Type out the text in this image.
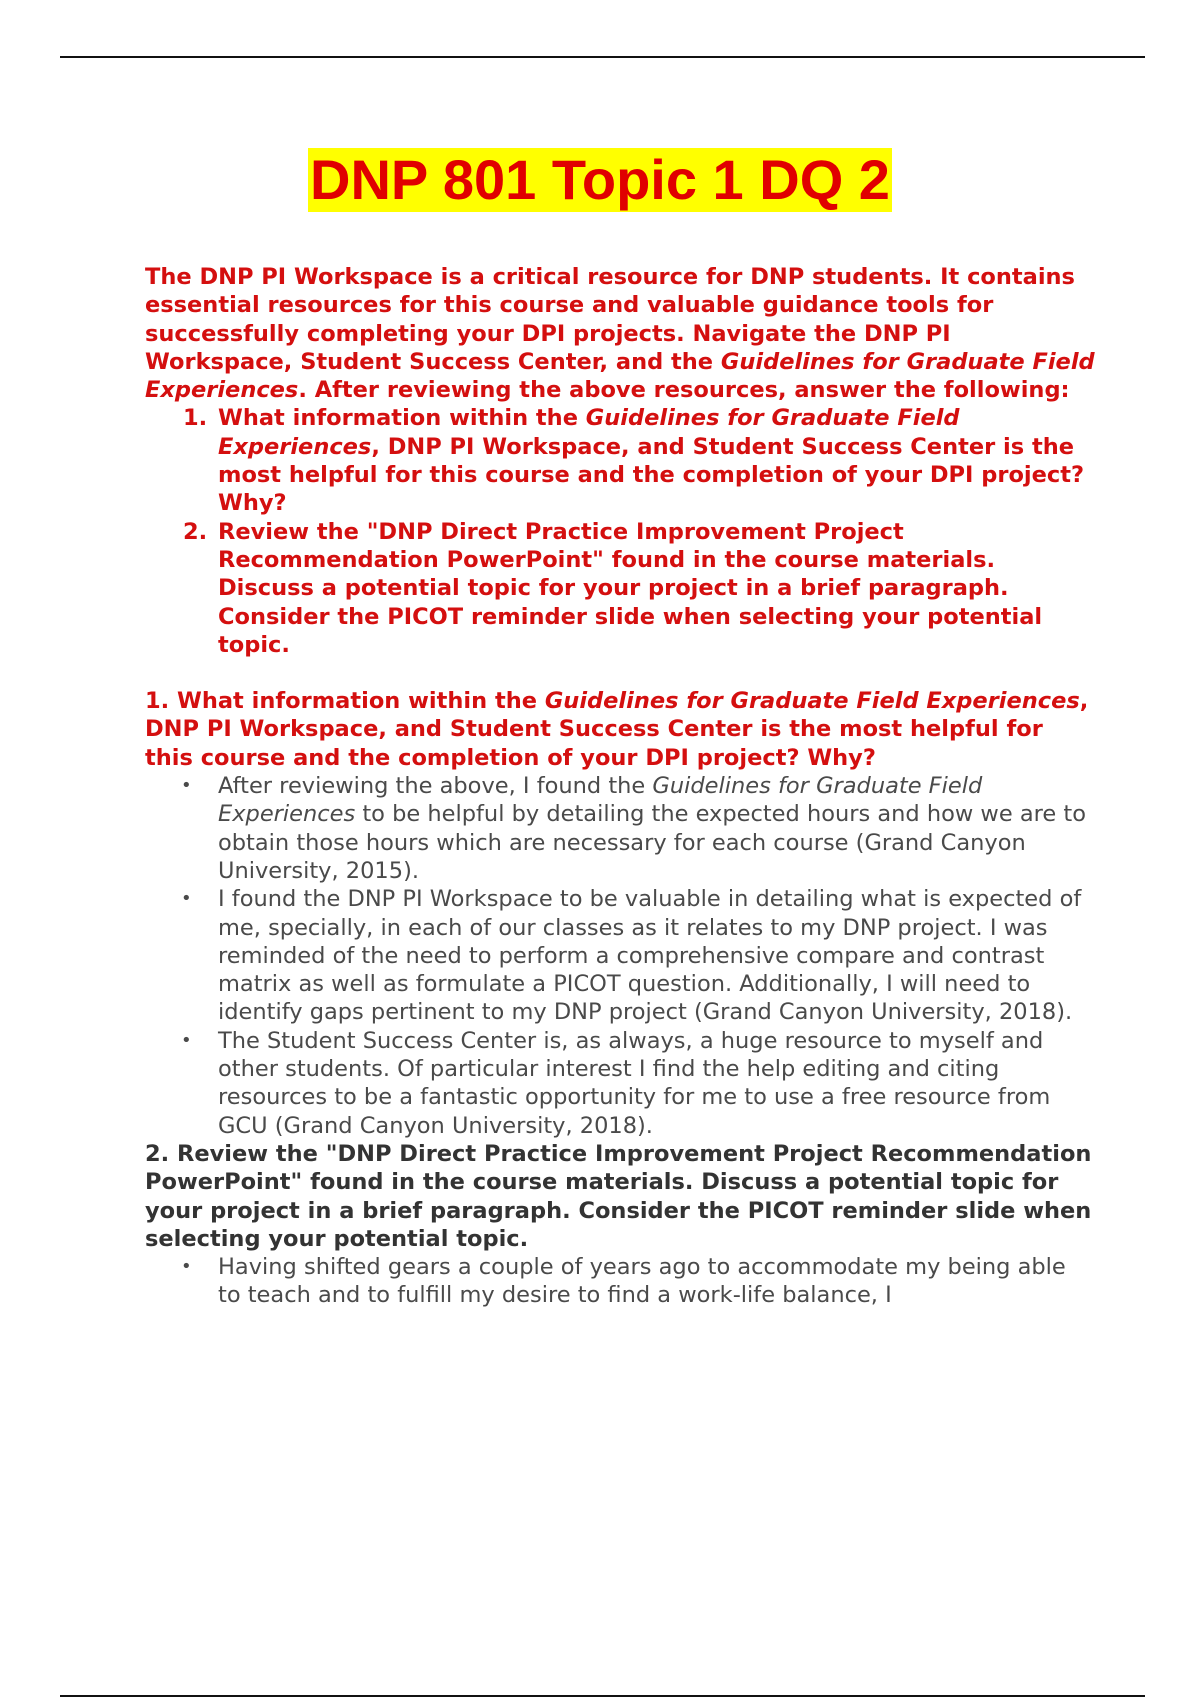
DNP 801 Topic 1 DQ 2

The DNP PI Workspace is a critical resource for DNP students. It contains essential resources for this course and valuable guidance tools for successfully completing your DPI projects. Navigate the DNP PI Workspace, Student Success Center, and the Guidelines for Graduate Field Experiences. After reviewing the above resources, answer the following:

1. What information within the Guidelines for Graduate Field Experiences, DNP PI Workspace, and Student Success Center is the most helpful for this course and the completion of your DPI project? Why?
2. Review the "DNP Direct Practice Improvement Project Recommendation PowerPoint" found in the course materials. Discuss a potential topic for your project in a brief paragraph. Consider the PICOT reminder slide when selecting your potential topic.

1. What information within the Guidelines for Graduate Field Experiences, DNP PI Workspace, and Student Success Center is the most helpful for this course and the completion of your DPI project? Why?

• After reviewing the above, I found the Guidelines for Graduate Field Experiences to be helpful by detailing the expected hours and how we are to obtain those hours which are necessary for each course (Grand Canyon University, 2015).
• I found the DNP PI Workspace to be valuable in detailing what is expected of me, specially, in each of our classes as it relates to my DNP project. I was reminded of the need to perform a comprehensive compare and contrast matrix as well as formulate a PICOT question. Additionally, I will need to identify gaps pertinent to my DNP project (Grand Canyon University, 2018).
• The Student Success Center is, as always, a huge resource to myself and other students. Of particular interest I find the help editing and citing resources to be a fantastic opportunity for me to use a free resource from GCU (Grand Canyon University, 2018).

2. Review the "DNP Direct Practice Improvement Project Recommendation PowerPoint" found in the course materials. Discuss a potential topic for your project in a brief paragraph. Consider the PICOT reminder slide when selecting your potential topic.

• Having shifted gears a couple of years ago to accommodate my being able to teach and to fulfill my desire to find a work-life balance, I
